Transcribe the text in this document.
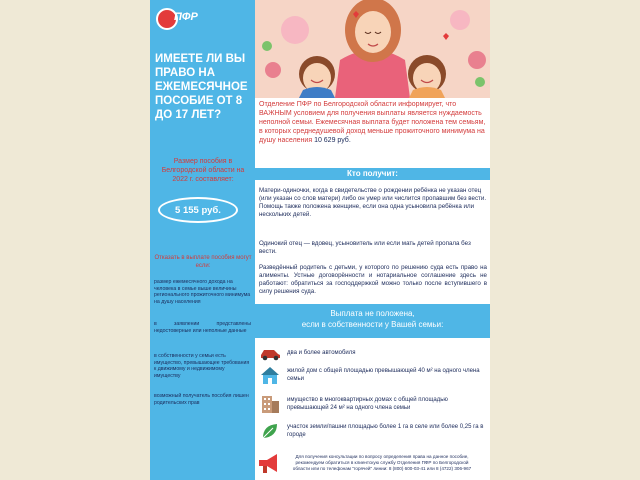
ПФР
ИМЕЕТЕ ЛИ ВЫ ПРАВО НА ЕЖЕМЕСЯЧНОЕ ПОСОБИЕ ОТ 8 ДО 17 ЛЕТ?
Размер пособия в Белгородской области на 2022 г. составляет:
5 155 руб.
Отказать в выплате пособия могут если:
размер ежемесячного дохода на человека в семье выше величины регионального прожиточного минимума на душу населения
в заявлении представлены недостоверные или неполные данные
в собственности у семьи есть имущество, превышающее требования к движимому и недвижимому имуществу
возможный получатель пособия лишен родительских прав
Отделение ПФР по Белгородской области информирует, что ВАЖНЫМ условием для получения выплаты является нуждаемость неполной семьи. Ежемесячная выплата будет положена тем семьям, в которых среднедушевой доход меньше прожиточного минимума на душу населения 10 629 руб.
Кто получит:
Матери-одиночки, когда в свидетельстве о рождении ребёнка не указан отец (или указан со слов матери) либо он умер или числится пропавшим без вести. Помощь также положена женщине, если она одна усыновила ребёнка или нескольких детей.
Одинокий отец — вдовец, усыновитель или если мать детей пропала без вести.
Разведённый родитель с детьми, у которого по решению суда есть право на алименты. Устные договорённости и нотариальное соглашение здесь не работают: обратиться за господдержкой можно только после вступившего в силу решения суда.
Выплата не положена,
если в собственности у Вашей семьи:
два и более автомобиля
жилой дом с общей площадью превышающей 40 м² на одного члена семьи
имущество в многоквартирных домах с общей площадью превышающей 24 м² на одного члена семьи
участок земли/пашни площадью более 1 га в селе или более 0,25 га в городе
Для получения консультации по вопросу определения права на данное пособие, рекомендуем обратиться в клиентскую службу Отделения ПФР по Белгородской области или по телефонам "горячей" линии: 8 (800) 600-03-41 или 8 (4722) 306-967
